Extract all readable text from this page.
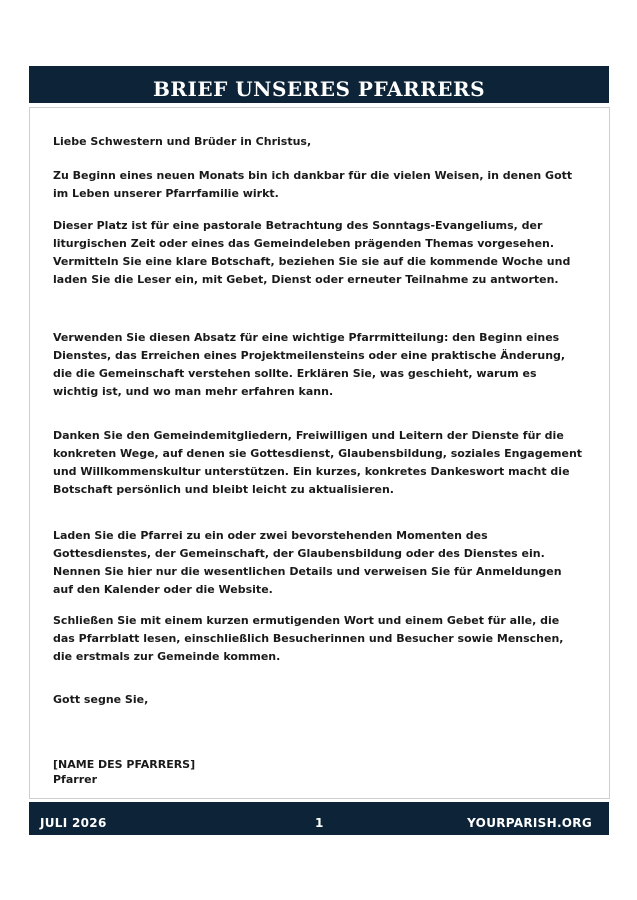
BRIEF UNSERES PFARRERS

Liebe Schwestern und Brüder in Christus,

Zu Beginn eines neuen Monats bin ich dankbar für die vielen Weisen, in denen Gott im Leben unserer Pfarrfamilie wirkt.

Dieser Platz ist für eine pastorale Betrachtung des Sonntags-Evangeliums, der liturgischen Zeit oder eines das Gemeindeleben prägenden Themas vorgesehen. Vermitteln Sie eine klare Botschaft, beziehen Sie sie auf die kommende Woche und laden Sie die Leser ein, mit Gebet, Dienst oder erneuter Teilnahme zu antworten.

Verwenden Sie diesen Absatz für eine wichtige Pfarrmitteilung: den Beginn eines Dienstes, das Erreichen eines Projektmeilensteins oder eine praktische Änderung, die die Gemeinschaft verstehen sollte. Erklären Sie, was geschieht, warum es wichtig ist, und wo man mehr erfahren kann.

Danken Sie den Gemeindemitgliedern, Freiwilligen und Leitern der Dienste für die konkreten Wege, auf denen sie Gottesdienst, Glaubensbildung, soziales Engagement und Willkommenskultur unterstützen. Ein kurzes, konkretes Dankeswort macht die Botschaft persönlich und bleibt leicht zu aktualisieren.

Laden Sie die Pfarrei zu ein oder zwei bevorstehenden Momenten des Gottesdienstes, der Gemeinschaft, der Glaubensbildung oder des Dienstes ein. Nennen Sie hier nur die wesentlichen Details und verweisen Sie für Anmeldungen auf den Kalender oder die Website.

Schließen Sie mit einem kurzen ermutigenden Wort und einem Gebet für alle, die das Pfarrblatt lesen, einschließlich Besucherinnen und Besucher sowie Menschen, die erstmals zur Gemeinde kommen.

Gott segne Sie,

[NAME DES PFARRERS]

Pfarrer

JULI 2026	1	YOURPARISH.ORG
